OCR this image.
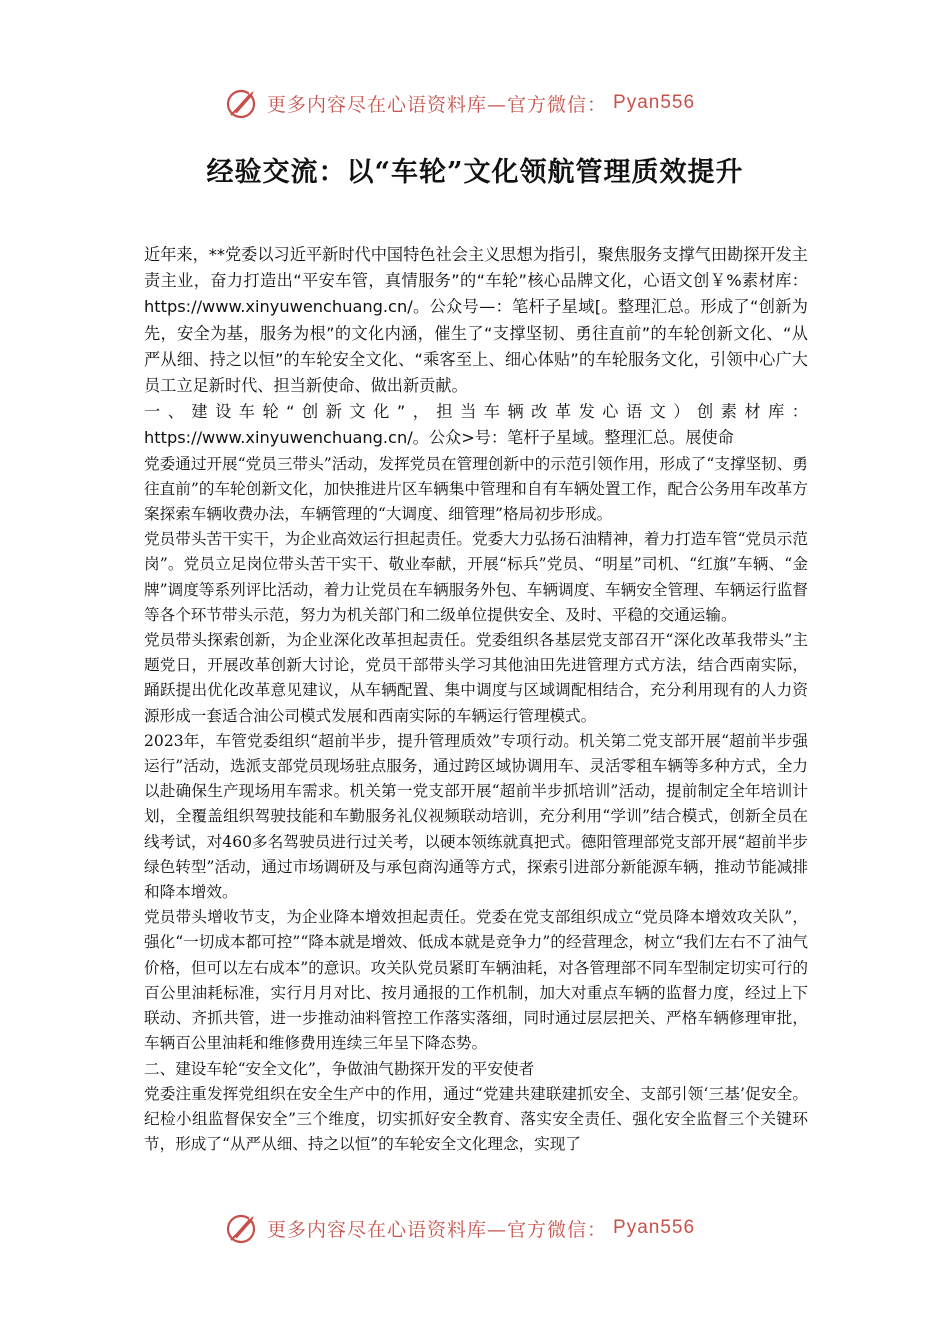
更多内容尽在心语资料库—官方微信： Pyan556
经验交流：以“车轮”文化领航管理质效提升

近年来，**党委以习近平新时代中国特色社会主义思想为指引，聚焦服务支撑气田勘探开发主责主业，奋力打造出“平安车管，真情服务”的“车轮”核心品牌文化，心语文创￥%素材库：https://www.xinyuwenchuang.cn/。公众号—：笔杆子星域[。整理汇总。形成了“创新为先，安全为基，服务为根”的文化内涵，催生了“支撑坚韧、勇往直前”的车轮创新文化、“从严从细、持之以恒”的车轮安全文化、“乘客至上、细心体贴”的车轮服务文化，引领中心广大员工立足新时代、担当新使命、做出新贡献。

一、建设车轮“创新文化”，担当车辆改革发心语文）创素材库：https://www.xinyuwenchuang.cn/。公众>号：笔杆子星域。整理汇总。展使命

党委通过开展“党员三带头”活动，发挥党员在管理创新中的示范引领作用，形成了“支撑坚韧、勇往直前”的车轮创新文化，加快推进片区车辆集中管理和自有车辆处置工作，配合公务用车改革方案探索车辆收费办法，车辆管理的“大调度、细管理”格局初步形成。

党员带头苦干实干，为企业高效运行担起责任。党委大力弘扬石油精神，着力打造车管“党员示范岗”。党员立足岗位带头苦干实干、敬业奉献，开展“标兵”党员、“明星”司机、“红旗”车辆、“金牌”调度等系列评比活动，着力让党员在车辆服务外包、车辆调度、车辆安全管理、车辆运行监督等各个环节带头示范，努力为机关部门和二级单位提供安全、及时、平稳的交通运输。

党员带头探索创新，为企业深化改革担起责任。党委组织各基层党支部召开“深化改革我带头”主题党日，开展改革创新大讨论，党员干部带头学习其他油田先进管理方式方法，结合西南实际，踊跃提出优化改革意见建议，从车辆配置、集中调度与区域调配相结合，充分利用现有的人力资源形成一套适合油公司模式发展和西南实际的车辆运行管理模式。

2023年，车管党委组织“超前半步，提升管理质效”专项行动。机关第二党支部开展“超前半步强运行”活动，选派支部党员现场驻点服务，通过跨区域协调用车、灵活零租车辆等多种方式，全力以赴确保生产现场用车需求。机关第一党支部开展“超前半步抓培训”活动，提前制定全年培训计划，全覆盖组织驾驶技能和车勤服务礼仪视频联动培训，充分利用“学训”结合模式，创新全员在线考试，对460多名驾驶员进行过关考，以硬本领练就真把式。德阳管理部党支部开展“超前半步绿色转型”活动，通过市场调研及与承包商沟通等方式，探索引进部分新能源车辆，推动节能减排和降本增效。

党员带头增收节支，为企业降本增效担起责任。党委在党支部组织成立“党员降本增效攻关队”，强化“一切成本都可控”“降本就是增效、低成本就是竞争力”的经营理念，树立“我们左右不了油气价格，但可以左右成本”的意识。攻关队党员紧盯车辆油耗，对各管理部不同车型制定切实可行的百公里油耗标准，实行月月对比、按月通报的工作机制，加大对重点车辆的监督力度，经过上下联动、齐抓共管，进一步推动油料管控工作落实落细，同时通过层层把关、严格车辆修理审批，车辆百公里油耗和维修费用连续三年呈下降态势。

二、建设车轮“安全文化”，争做油气勘探开发的平安使者

党委注重发挥党组织在安全生产中的作用，通过“党建共建联建抓安全、支部引领‘三基’促安全。纪检小组监督保安全”三个维度，切实抓好安全教育、落实安全责任、强化安全监督三个关键环节，形成了“从严从细、持之以恒”的车轮安全文化理念，实现了

更多内容尽在心语资料库—官方微信： Pyan556
